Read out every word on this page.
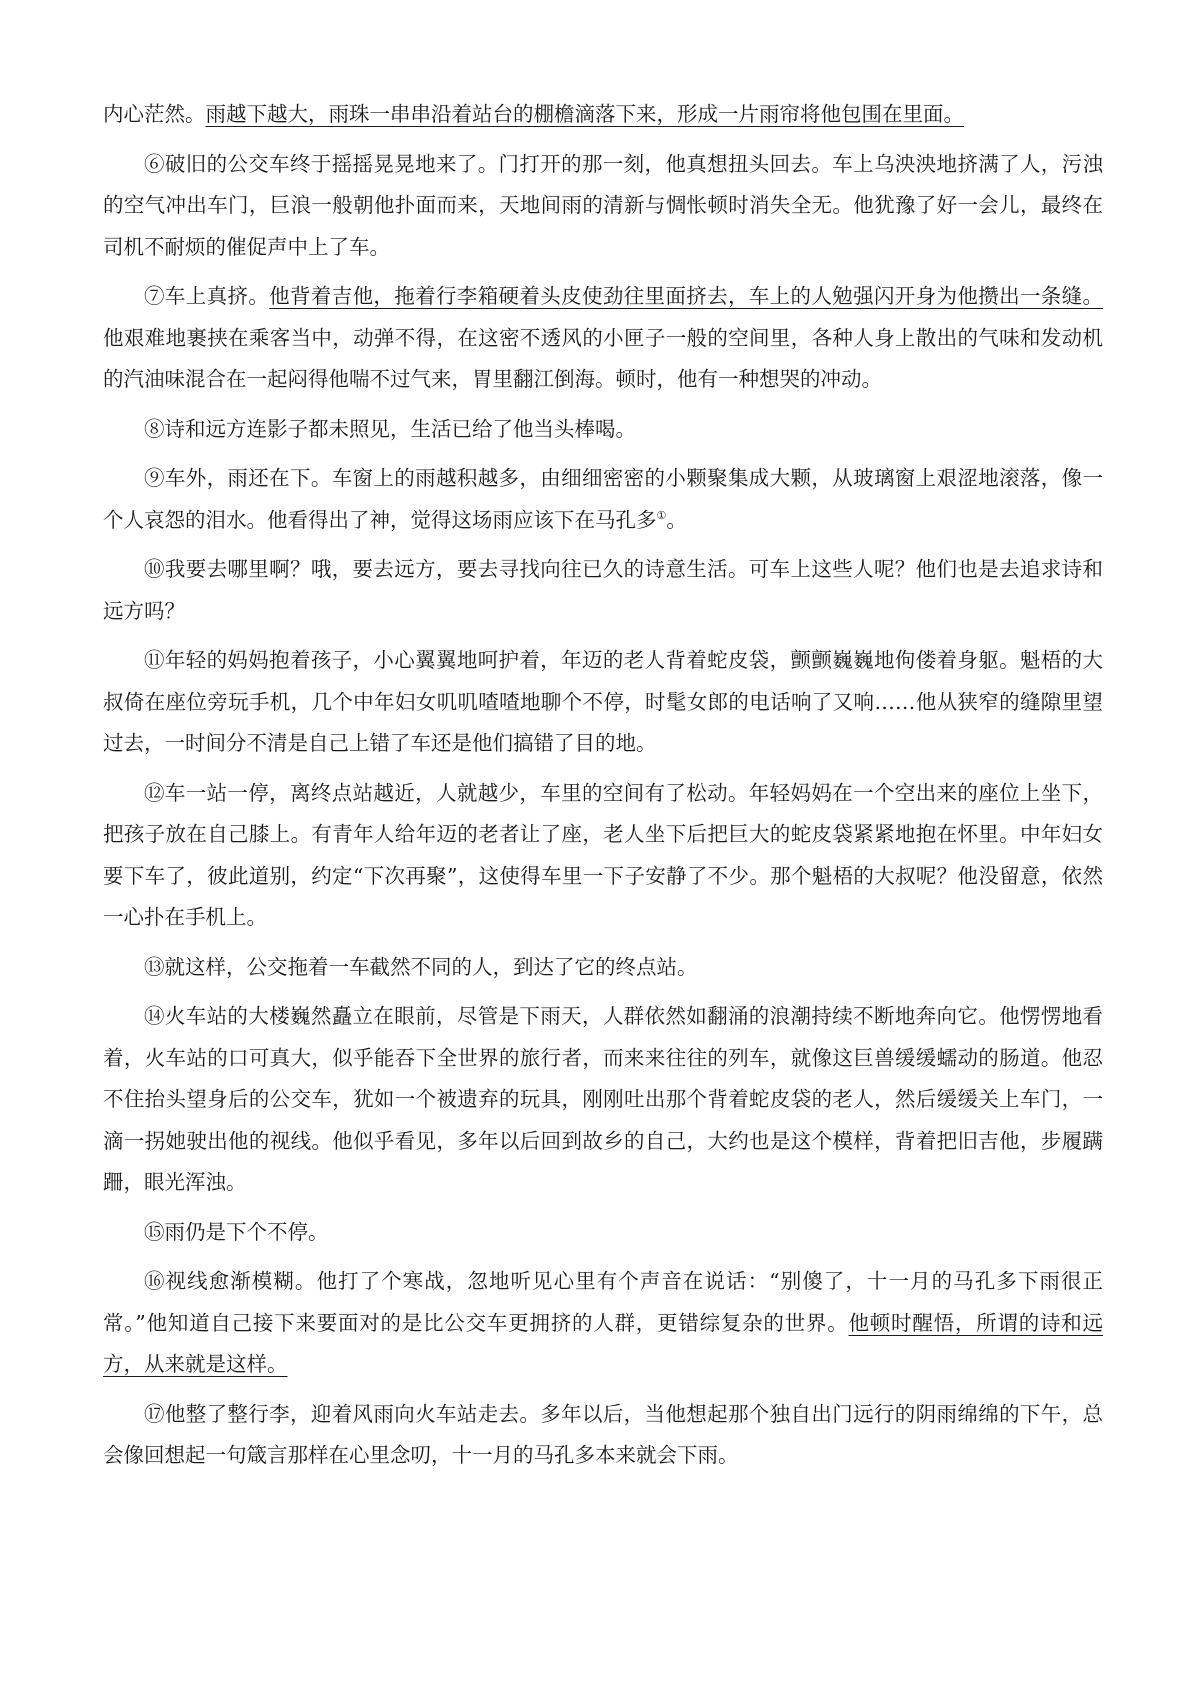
内心茫然。雨越下越大，雨珠一串串沿着站台的棚檐滴落下来，形成一片雨帘将他包围在里面。

⑥破旧的公交车终于摇摇晃晃地来了。门打开的那一刻，他真想扭头回去。车上乌泱泱地挤满了人，污浊的空气冲出车门，巨浪一般朝他扑面而来，天地间雨的清新与惆怅顿时消失全无。他犹豫了好一会儿，最终在司机不耐烦的催促声中上了车。

⑦车上真挤。他背着吉他，拖着行李箱硬着头皮使劲往里面挤去，车上的人勉强闪开身为他攒出一条缝。他艰难地裹挟在乘客当中，动弹不得，在这密不透风的小匣子一般的空间里，各种人身上散出的气味和发动机的汽油味混合在一起闷得他喘不过气来，胃里翻江倒海。顿时，他有一种想哭的冲动。

⑧诗和远方连影子都未照见，生活已给了他当头棒喝。

⑨车外，雨还在下。车窗上的雨越积越多，由细细密密的小颗聚集成大颗，从玻璃窗上艰涩地滚落，像一个人哀怨的泪水。他看得出了神，觉得这场雨应该下在马孔多①。

⑩我要去哪里啊？哦，要去远方，要去寻找向往已久的诗意生活。可车上这些人呢？他们也是去追求诗和远方吗？

⑪年轻的妈妈抱着孩子，小心翼翼地呵护着，年迈的老人背着蛇皮袋，颤颤巍巍地佝偻着身躯。魁梧的大叔倚在座位旁玩手机，几个中年妇女叽叽喳喳地聊个不停，时髦女郎的电话响了又响……他从狭窄的缝隙里望过去，一时间分不清是自己上错了车还是他们搞错了目的地。

⑫车一站一停，离终点站越近，人就越少，车里的空间有了松动。年轻妈妈在一个空出来的座位上坐下，把孩子放在自己膝上。有青年人给年迈的老者让了座，老人坐下后把巨大的蛇皮袋紧紧地抱在怀里。中年妇女要下车了，彼此道别，约定“下次再聚”，这使得车里一下子安静了不少。那个魁梧的大叔呢？他没留意，依然一心扑在手机上。

⑬就这样，公交拖着一车截然不同的人，到达了它的终点站。

⑭火车站的大楼巍然矗立在眼前，尽管是下雨天，人群依然如翻涌的浪潮持续不断地奔向它。他愣愣地看着，火车站的口可真大，似乎能吞下全世界的旅行者，而来来往往的列车，就像这巨兽缓缓蠕动的肠道。他忍不住抬头望身后的公交车，犹如一个被遗弃的玩具，刚刚吐出那个背着蛇皮袋的老人，然后缓缓关上车门，一滴一拐她驶出他的视线。他似乎看见，多年以后回到故乡的自己，大约也是这个模样，背着把旧吉他，步履蹒跚，眼光浑浊。

⑮雨仍是下个不停。

⑯视线愈渐模糊。他打了个寒战，忽地听见心里有个声音在说话：“别傻了，十一月的马孔多下雨很正常。”他知道自己接下来要面对的是比公交车更拥挤的人群，更错综复杂的世界。他顿时醒悟，所谓的诗和远方，从来就是这样。

⑰他整了整行李，迎着风雨向火车站走去。多年以后，当他想起那个独自出门远行的阴雨绵绵的下午，总会像回想起一句箴言那样在心里念叨，十一月的马孔多本来就会下雨。
